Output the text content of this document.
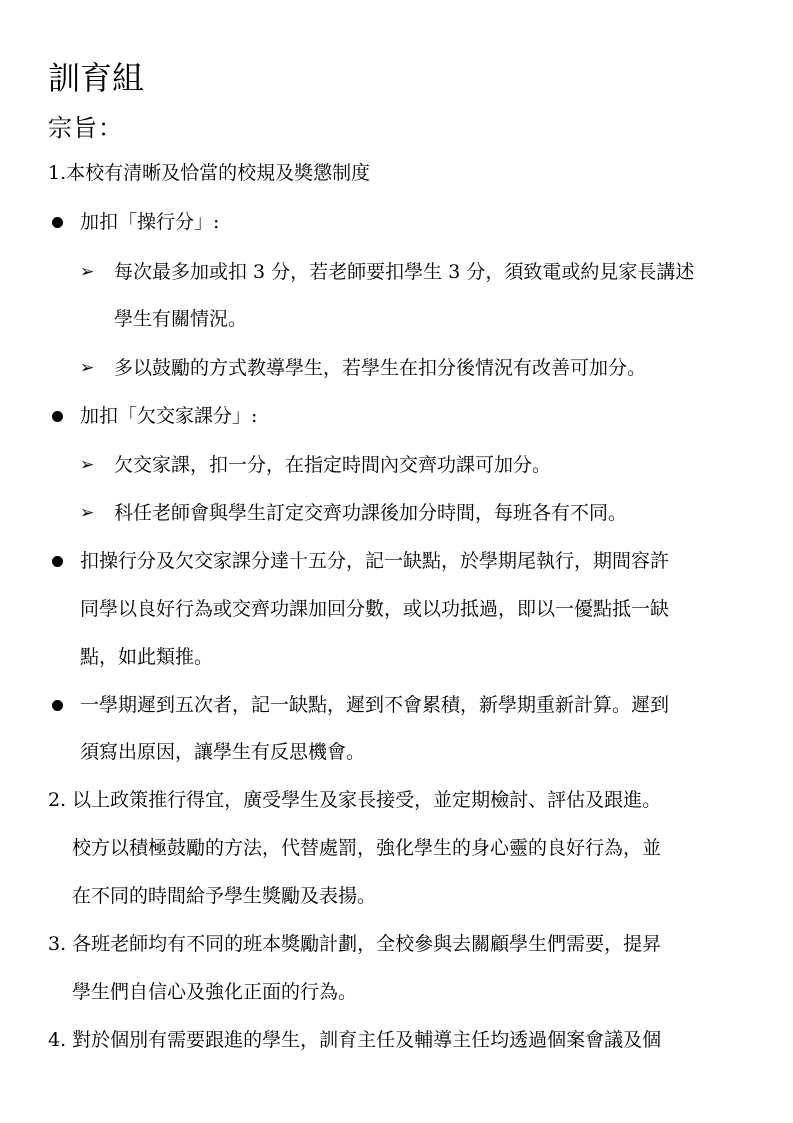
訓育組
宗旨：
1.本校有清晰及恰當的校規及獎懲制度
加扣「操行分」:
➢ 每次最多加或扣 3 分，若老師要扣學生 3 分，須致電或約見家長講述
學生有關情況。
➢ 多以鼓勵的方式教導學生，若學生在扣分後情況有改善可加分。
加扣「欠交家課分」:
➢ 欠交家課，扣一分，在指定時間內交齊功課可加分。
➢ 科任老師會與學生訂定交齊功課後加分時間，每班各有不同。
扣操行分及欠交家課分達十五分，記一缺點，於學期尾執行，期間容許
同學以良好行為或交齊功課加回分數，或以功抵過，即以一優點抵一缺
點，如此類推。
一學期遲到五次者，記一缺點，遲到不會累積，新學期重新計算。遲到
須寫出原因，讓學生有反思機會。
2. 以上政策推行得宜，廣受學生及家長接受，並定期檢討、評估及跟進。
校方以積極鼓勵的方法，代替處罰，強化學生的身心靈的良好行為，並
在不同的時間給予學生獎勵及表揚。
3. 各班老師均有不同的班本獎勵計劃，全校參與去關顧學生們需要，提昇
學生們自信心及強化正面的行為。
4. 對於個別有需要跟進的學生，訓育主任及輔導主任均透過個案會議及個
